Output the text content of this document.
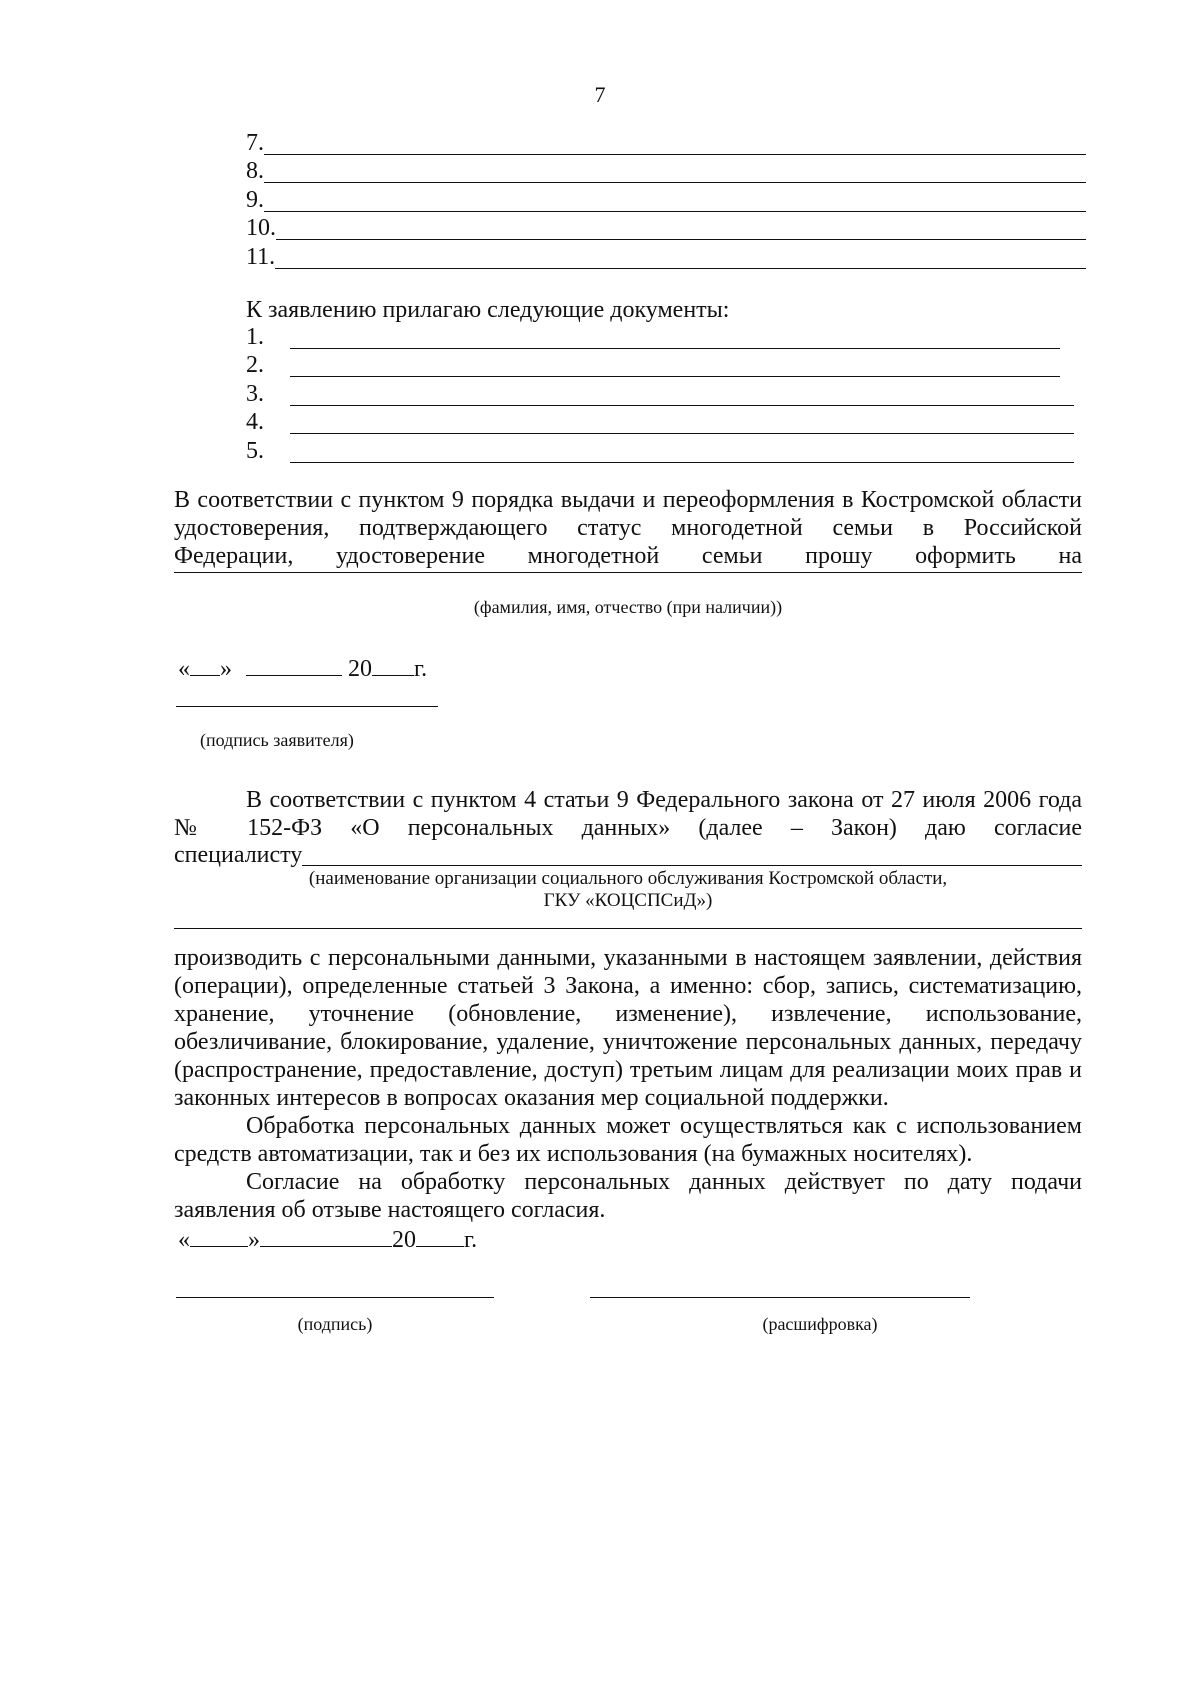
7
7.
8.
9.
10.
11.
К заявлению прилагаю следующие документы:
1.
2.
3.
4.
5.
В соответствии с пунктом 9 порядка выдачи и переоформления в Костромской области
удостоверения, подтверждающего статус многодетной семьи в Российской
Федерации, удостоверение многодетной семьи прошу оформить на
(фамилия, имя, отчество (при наличии))
« »	20 г.
(подпись заявителя)
В соответствии с пунктом 4 статьи 9 Федерального закона от 27 июля 2006 года
№ 152-ФЗ «О персональных данных» (далее – Закон) даю согласие
специалисту
(наименование организации социального обслуживания Костромской области,
ГКУ «КОЦСПСиД»)
производить с персональными данными, указанными в настоящем заявлении, действия
(операции), определенные статьей 3 Закона, а именно: сбор, запись, систематизацию,
хранение, уточнение (обновление, изменение), извлечение, использование,
обезличивание, блокирование, удаление, уничтожение персональных данных, передачу
(распространение, предоставление, доступ) третьим лицам для реализации моих прав и
законных интересов в вопросах оказания мер социальной поддержки.
Обработка персональных данных может осуществляться как с использованием
средств автоматизации, так и без их использования (на бумажных носителях).
Согласие на обработку персональных данных действует по дату подачи
заявления об отзыве настоящего согласия.
« »	20 г.
(подпись)	(расшифровка)
